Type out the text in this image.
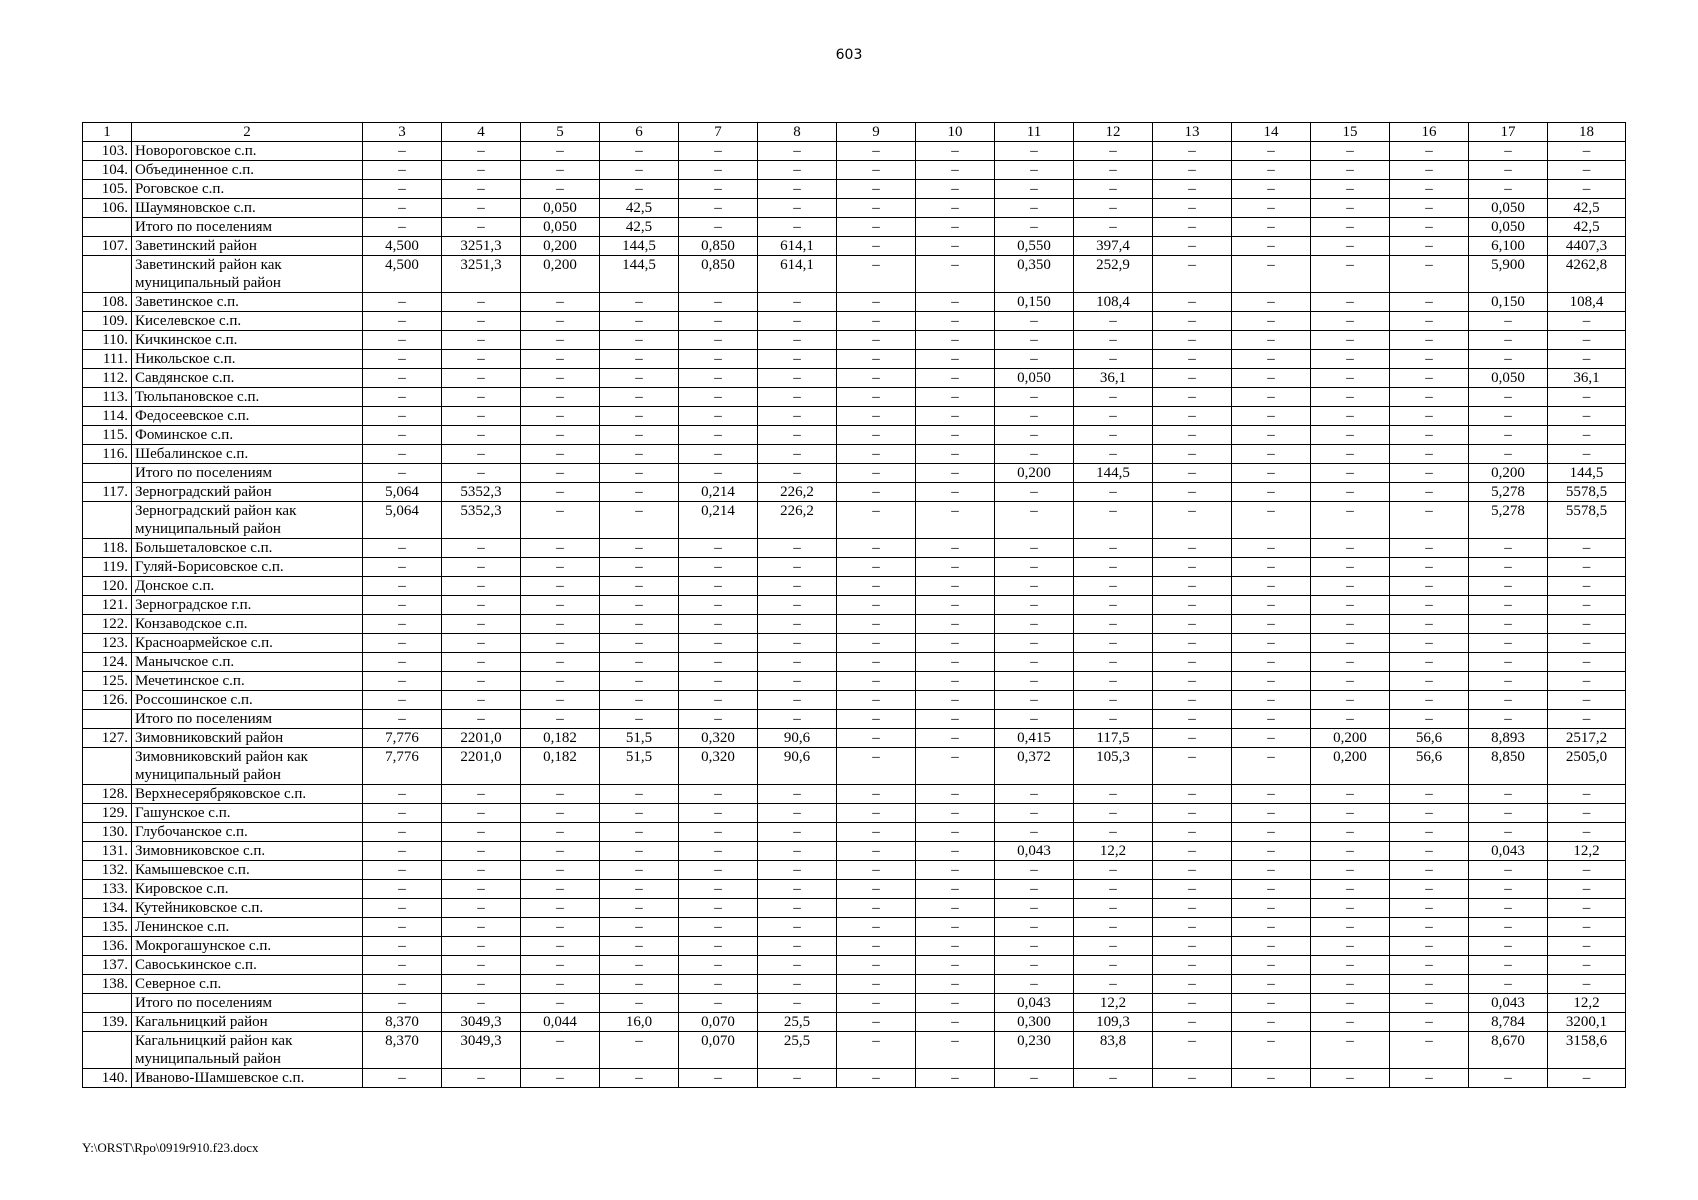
603
1	2	3	4	5	6	7	8	9	10	11	12	13	14	15	16	17	18
103.	Новороговское с.п.	–	–	–	–	–	–	–	–	–	–	–	–	–	–	–	–
104.	Объединенное с.п.	–	–	–	–	–	–	–	–	–	–	–	–	–	–	–	–
105.	Роговское с.п.	–	–	–	–	–	–	–	–	–	–	–	–	–	–	–	–
106.	Шаумяновское с.п.	–	–	0,050	42,5	–	–	–	–	–	–	–	–	–	–	0,050	42,5
	Итого по поселениям	–	–	0,050	42,5	–	–	–	–	–	–	–	–	–	–	0,050	42,5
107.	Заветинский район	4,500	3251,3	0,200	144,5	0,850	614,1	–	–	0,550	397,4	–	–	–	–	6,100	4407,3
	Заветинский район как муниципальный район	4,500	3251,3	0,200	144,5	0,850	614,1	–	–	0,350	252,9	–	–	–	–	5,900	4262,8
108.	Заветинское с.п.	–	–	–	–	–	–	–	–	0,150	108,4	–	–	–	–	0,150	108,4
109.	Киселевское с.п.	–	–	–	–	–	–	–	–	–	–	–	–	–	–	–	–
110.	Кичкинское с.п.	–	–	–	–	–	–	–	–	–	–	–	–	–	–	–	–
111.	Никольское с.п.	–	–	–	–	–	–	–	–	–	–	–	–	–	–	–	–
112.	Савдянское с.п.	–	–	–	–	–	–	–	–	0,050	36,1	–	–	–	–	0,050	36,1
113.	Тюльпановское с.п.	–	–	–	–	–	–	–	–	–	–	–	–	–	–	–	–
114.	Федосеевское с.п.	–	–	–	–	–	–	–	–	–	–	–	–	–	–	–	–
115.	Фоминское с.п.	–	–	–	–	–	–	–	–	–	–	–	–	–	–	–	–
116.	Шебалинское с.п.	–	–	–	–	–	–	–	–	–	–	–	–	–	–	–	–
	Итого по поселениям	–	–	–	–	–	–	–	–	0,200	144,5	–	–	–	–	0,200	144,5
117.	Зерноградский район	5,064	5352,3	–	–	0,214	226,2	–	–	–	–	–	–	–	–	5,278	5578,5
	Зерноградский район как муниципальный район	5,064	5352,3	–	–	0,214	226,2	–	–	–	–	–	–	–	–	5,278	5578,5
118.	Большеталовское с.п.	–	–	–	–	–	–	–	–	–	–	–	–	–	–	–	–
119.	Гуляй-Борисовское с.п.	–	–	–	–	–	–	–	–	–	–	–	–	–	–	–	–
120.	Донское с.п.	–	–	–	–	–	–	–	–	–	–	–	–	–	–	–	–
121.	Зерноградское г.п.	–	–	–	–	–	–	–	–	–	–	–	–	–	–	–	–
122.	Конзаводское с.п.	–	–	–	–	–	–	–	–	–	–	–	–	–	–	–	–
123.	Красноармейское с.п.	–	–	–	–	–	–	–	–	–	–	–	–	–	–	–	–
124.	Манычское с.п.	–	–	–	–	–	–	–	–	–	–	–	–	–	–	–	–
125.	Мечетинское с.п.	–	–	–	–	–	–	–	–	–	–	–	–	–	–	–	–
126.	Россошинское с.п.	–	–	–	–	–	–	–	–	–	–	–	–	–	–	–	–
	Итого по поселениям	–	–	–	–	–	–	–	–	–	–	–	–	–	–	–	–
127.	Зимовниковский район	7,776	2201,0	0,182	51,5	0,320	90,6	–	–	0,415	117,5	–	–	0,200	56,6	8,893	2517,2
	Зимовниковский район как муниципальный район	7,776	2201,0	0,182	51,5	0,320	90,6	–	–	0,372	105,3	–	–	0,200	56,6	8,850	2505,0
128.	Верхнесерябряковское с.п.	–	–	–	–	–	–	–	–	–	–	–	–	–	–	–	–
129.	Гашунское с.п.	–	–	–	–	–	–	–	–	–	–	–	–	–	–	–	–
130.	Глубочанское с.п.	–	–	–	–	–	–	–	–	–	–	–	–	–	–	–	–
131.	Зимовниковское с.п.	–	–	–	–	–	–	–	–	0,043	12,2	–	–	–	–	0,043	12,2
132.	Камышевское с.п.	–	–	–	–	–	–	–	–	–	–	–	–	–	–	–	–
133.	Кировское с.п.	–	–	–	–	–	–	–	–	–	–	–	–	–	–	–	–
134.	Кутейниковское с.п.	–	–	–	–	–	–	–	–	–	–	–	–	–	–	–	–
135.	Ленинское с.п.	–	–	–	–	–	–	–	–	–	–	–	–	–	–	–	–
136.	Мокрогашунское с.п.	–	–	–	–	–	–	–	–	–	–	–	–	–	–	–	–
137.	Савоськинское с.п.	–	–	–	–	–	–	–	–	–	–	–	–	–	–	–	–
138.	Северное с.п.	–	–	–	–	–	–	–	–	–	–	–	–	–	–	–	–
	Итого по поселениям	–	–	–	–	–	–	–	–	0,043	12,2	–	–	–	–	0,043	12,2
139.	Кагальницкий район	8,370	3049,3	0,044	16,0	0,070	25,5	–	–	0,300	109,3	–	–	–	–	8,784	3200,1
	Кагальницкий район как муниципальный район	8,370	3049,3	–	–	0,070	25,5	–	–	0,230	83,8	–	–	–	–	8,670	3158,6
140.	Иваново-Шамшевское с.п.	–	–	–	–	–	–	–	–	–	–	–	–	–	–	–	–
Y:\ORST\Rpo\0919r910.f23.docx
